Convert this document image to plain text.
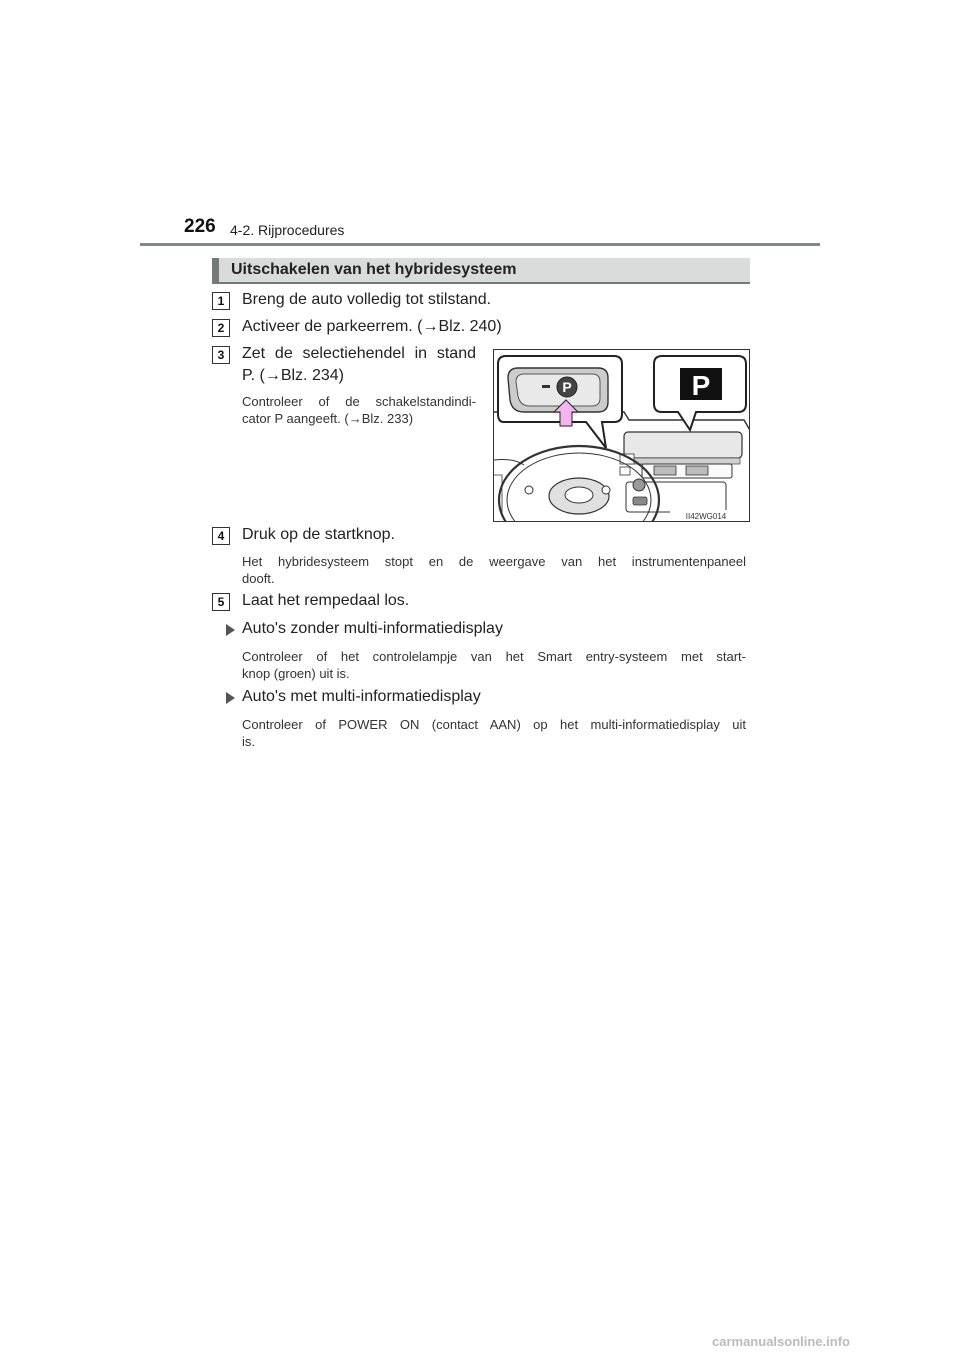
226 4-2. Rijprocedures
Uitschakelen van het hybridesysteem
1	Breng de auto volledig tot stilstand.
2	Activeer de parkeerrem. (→Blz. 240)
3	Zet de selectiehendel in stand
P. (→Blz. 234)
Controleer of de schakelstandindi-
cator P aangeeft. (→Blz. 233)
P	P
II42WG014
4	Druk op de startknop.
Het hybridesysteem stopt en de weergave van het instrumentenpaneel
dooft.
5	Laat het rempedaal los.
Auto's zonder multi-informatiedisplay
Controleer of het controlelampje van het Smart entry-systeem met start-
knop (groen) uit is.
Auto's met multi-informatiedisplay
Controleer of POWER ON (contact AAN) op het multi-informatiedisplay uit
is.
carmanualsonline.info
